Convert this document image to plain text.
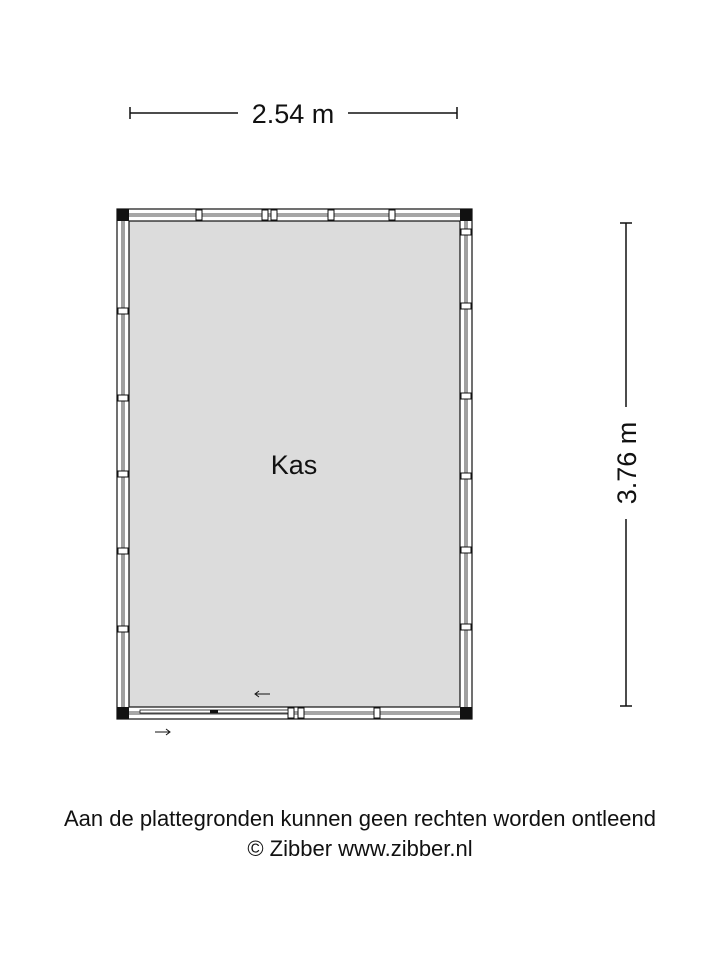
2.54 m
3.76 m
Kas
Aan de plattegronden kunnen geen rechten worden ontleend
© Zibber www.zibber.nl
